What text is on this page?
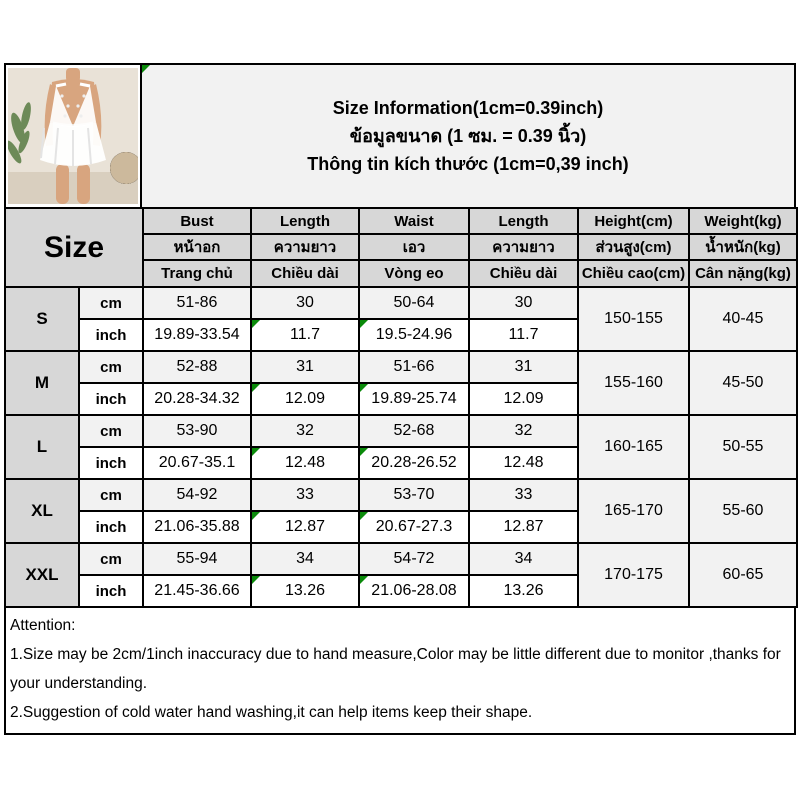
Size Information(1cm=0.39inch)
ข้อมูลขนาด (1 ซม. = 0.39 นิ้ว)
Thông tin kích thước (1cm=0,39 inch)
Size		Bust	Length	Waist	Length	Height(cm)	Weight(kg)
		หน้าอก	ความยาว	เอว	ความยาว	ส่วนสูง(cm)	น้ำหนัก(kg)
		Trang chủ	Chiều dài	Vòng eo	Chiều dài	Chiều cao(cm)	Cân nặng(kg)
S	cm	51-86	30	50-64	30	150-155	40-45
	inch	19.89-33.54	11.7	19.5-24.96	11.7		
M	cm	52-88	31	51-66	31	155-160	45-50
	inch	20.28-34.32	12.09	19.89-25.74	12.09		
L	cm	53-90	32	52-68	32	160-165	50-55
	inch	20.67-35.1	12.48	20.28-26.52	12.48		
XL	cm	54-92	33	53-70	33	165-170	55-60
	inch	21.06-35.88	12.87	20.67-27.3	12.87		
XXL	cm	55-94	34	54-72	34	170-175	60-65
	inch	21.45-36.66	13.26	21.06-28.08	13.26		

Attention:

1.Size may be 2cm/1inch inaccuracy due to hand measure,Color may be little different due to monitor ,thanks for your understanding.

2.Suggestion of cold water hand washing,it can help items keep their shape.
